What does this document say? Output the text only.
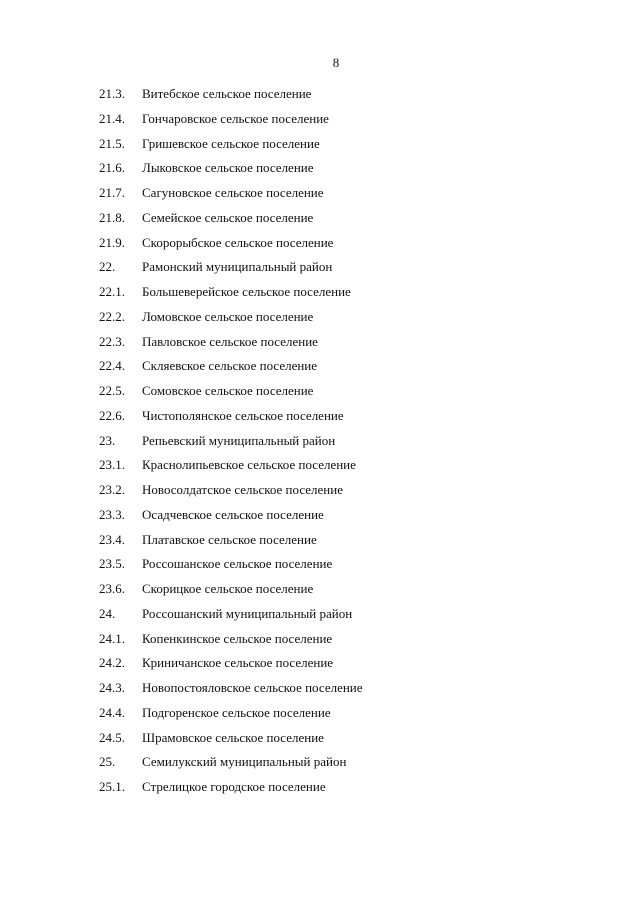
8
21.3. Витебское сельское поселение
21.4. Гончаровское сельское поселение
21.5. Гришевское сельское поселение
21.6. Лыковское сельское поселение
21.7. Сагуновское сельское поселение
21.8. Семейское сельское поселение
21.9. Скорорыбское сельское поселение
22. Рамонский муниципальный район
22.1. Большеверейское сельское поселение
22.2. Ломовское сельское поселение
22.3. Павловское сельское поселение
22.4. Скляевское сельское поселение
22.5. Сомовское сельское поселение
22.6. Чистополянское сельское поселение
23. Репьевский муниципальный район
23.1. Краснолипьевское сельское поселение
23.2. Новосолдатское сельское поселение
23.3. Осадчевское сельское поселение
23.4. Платавское сельское поселение
23.5. Россошанское сельское поселение
23.6. Скорицкое сельское поселение
24. Россошанский муниципальный район
24.1. Копенкинское сельское поселение
24.2. Криничанское сельское поселение
24.3. Новопостояловское сельское поселение
24.4. Подгоренское сельское поселение
24.5. Шрамовское сельское поселение
25. Семилукский муниципальный район
25.1. Стрелицкое городское поселение
